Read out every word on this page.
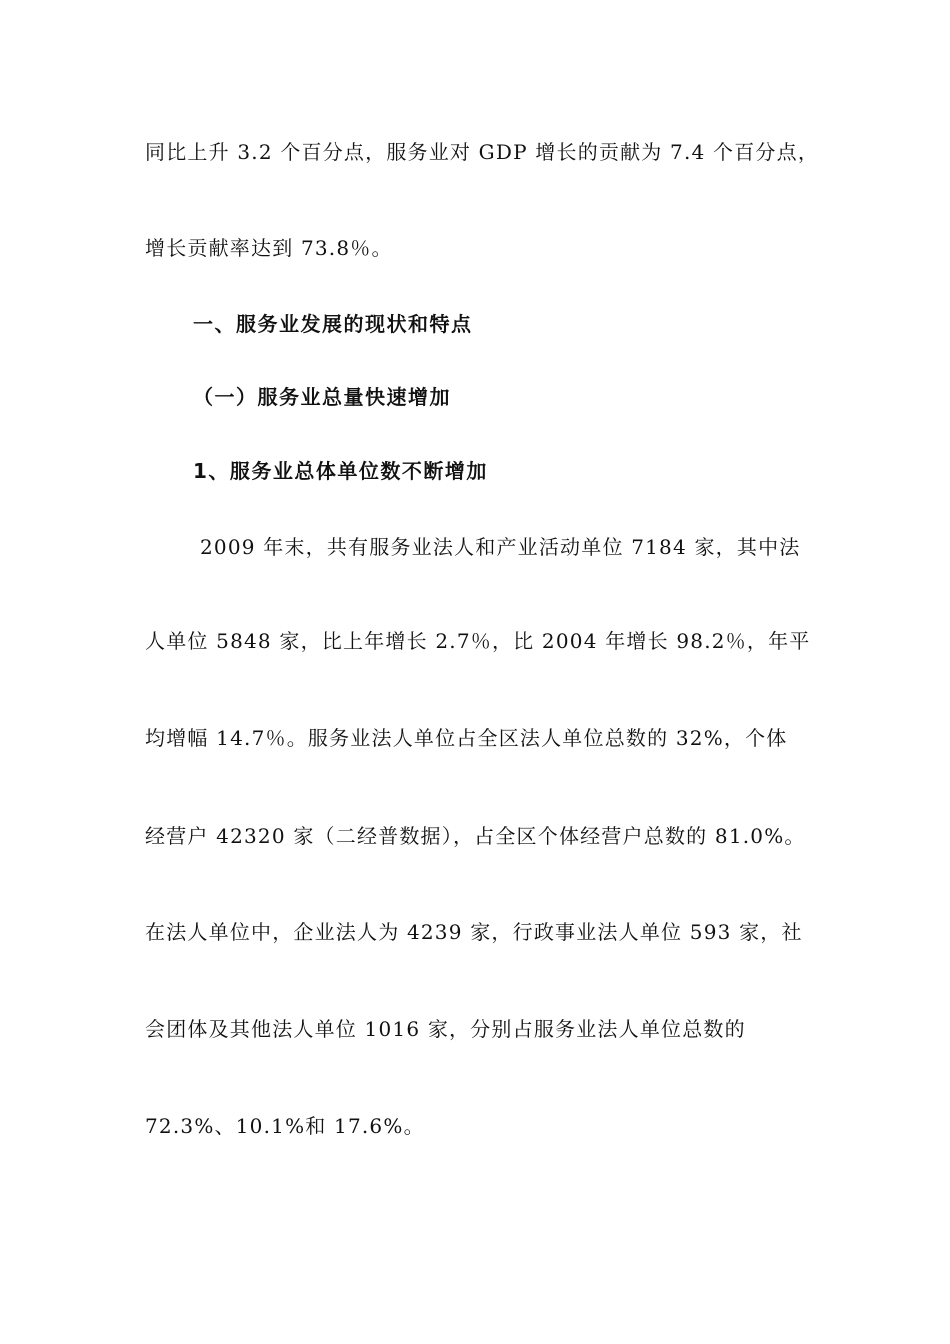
同比上升 3.2 个百分点，服务业对 GDP 增长的贡献为 7.4 个百分点，
增长贡献率达到 73.8％。
一、服务业发展的现状和特点
（一）服务业总量快速增加
1、服务业总体单位数不断增加
2009 年末，共有服务业法人和产业活动单位 7184 家，其中法
人单位 5848 家，比上年增长 2.7％，比 2004 年增长 98.2％，年平
均增幅 14.7％。服务业法人单位占全区法人单位总数的 32%，个体
经营户 42320 家（二经普数据），占全区个体经营户总数的 81.0%。
在法人单位中，企业法人为 4239 家，行政事业法人单位 593 家，社
会团体及其他法人单位 1016 家，分别占服务业法人单位总数的
72.3%、10.1%和 17.6%。
